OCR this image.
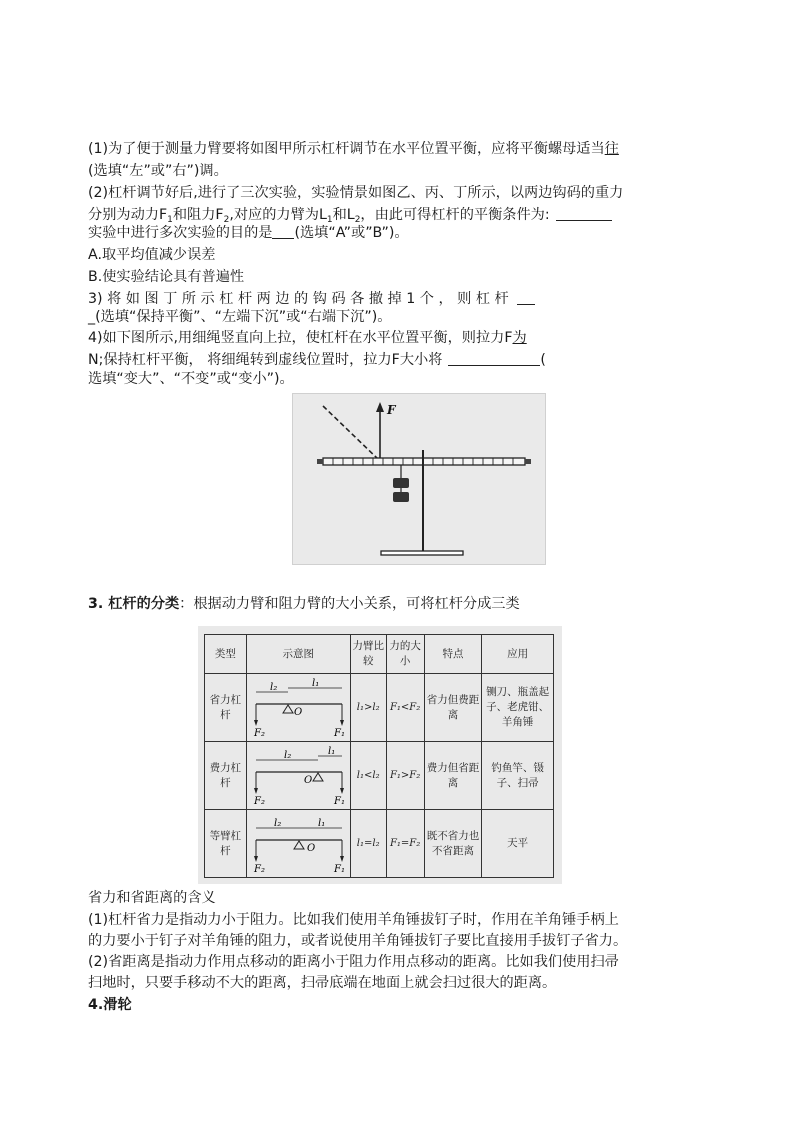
(1)为了便于测量力臂要将如图甲所示杠杆调节在水平位置平衡，应将平衡螺母适当往
(选填“左”或”右”)调。
(2)杠杆调节好后,进行了三次实验，实验情景如图乙、丙、丁所示，以两边钩码的重力
分别为动力$F_1$和阻力$F_2$,对应的力臂为$L_1$和$L_2$，由此可得杠杆的平衡条件为:
实验中进行多次实验的目的是 (选填“A”或”B”)。
A.取平均值减少误差
B.使实验结论具有普遍性
3) 将 如 图 丁 所 示 杠 杆 两 边 的 钩 码 各 撤 掉 1 个 ， 则 杠 杆
_(选填“保持平衡”、“左端下沉”或“右端下沉”)。
4)如下图所示,用细绳竖直向上拉，使杠杆在水平位置平衡，则拉力F为
N;保持杠杆平衡， 将细绳转到虚线位置时，拉力F大小将	(
选填“变大”、“不变”或“变小”)。
F
3. 杠杆的分类：根据动力臂和阻力臂的大小关系，可将杠杆分成三类
类型	示意图	力臂比较	力的大小	特点	应用
省力杠杆	l₂ l₁
O
F₂ F₁	l₁>l₂	F₁<F₂	省力但费距离	铡刀、瓶盖起子、老虎钳、羊角锤
费力杠杆	l₂ l₁
O
F₂ F₁	l₁<l₂	F₁>F₂	费力但省距离	钓鱼竿、镊子、扫帚
等臂杠杆	l₂ l₁
O
F₂ F₁	l₁=l₂	F₁=F₂	既不省力也不省距离	天平
省力和省距离的含义
(1)杠杆省力是指动力小于阻力。比如我们使用羊角锤拔钉子时，作用在羊角锤手柄上
的力要小于钉子对羊角锤的阻力，或者说使用羊角锤拔钉子要比直接用手拔钉子省力。
(2)省距离是指动力作用点移动的距离小于阻力作用点移动的距离。比如我们使用扫帚
扫地时，只要手移动不大的距离，扫帚底端在地面上就会扫过很大的距离。
4.滑轮
